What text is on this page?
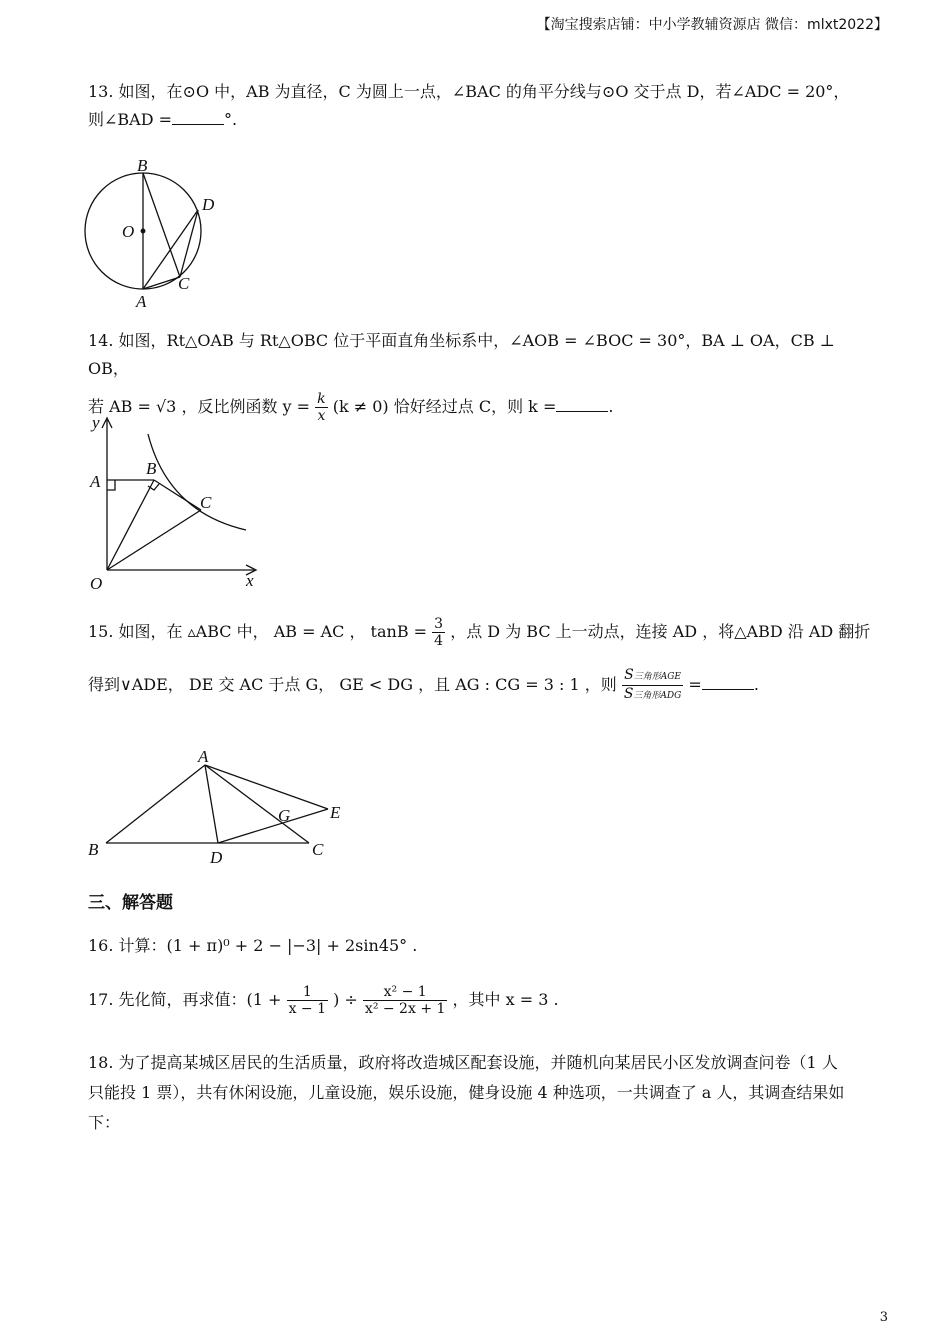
【淘宝搜索店铺：中小学教辅资源店 微信：mlxt2022】
13. 如图，在⊙O 中，AB 为直径，C 为圆上一点，∠BAC 的角平分线与⊙O 交于点 D，若∠ADC = 20°，
则∠BAD =	°.
B
D
O
A
C
14. 如图，Rt△OAB 与 Rt△OBC 位于平面直角坐标系中，∠AOB = ∠BOC = 30°，BA ⊥ OA，CB ⊥ OB，
若 AB = √3 ，反比例函数 $y = \frac{k}{x} (k \ne 0)$ 恰好经过点 C，则 k =	.
y
x
A
B
C
O
15. 如图，在 ▵ABC 中， AB = AC ， $\tan B = \frac{3}{4}$ ，点 D 为 BC 上一动点，连接 AD ，将△ABD 沿 AD 翻折
得到∨ADE， DE 交 AC 于点 G， GE < DG ，且 AG : CG = 3 : 1 ，则 $\frac{\text{S三角形AGE}}{\text{S三角形ADG}}$ =	.
A
B	C
D
E
G
三、解答题
16. 计算：(1 + π)⁰ + 2 − |−3| + 2sin45° .
17. 先化简，再求值：($1 + \frac{1}{x - 1}$ ) ÷ $\frac{\text{x² − 1}}{\text{x² − 2x + 1}}$ ，其中 x = 3 .
18. 为了提高某城区居民的生活质量，政府将改造城区配套设施，并随机向某居民小区发放调查问卷（1 人
只能投 1 票），共有休闲设施，儿童设施，娱乐设施，健身设施 4 种选项，一共调查了 a 人，其调查结果如
下：
3
